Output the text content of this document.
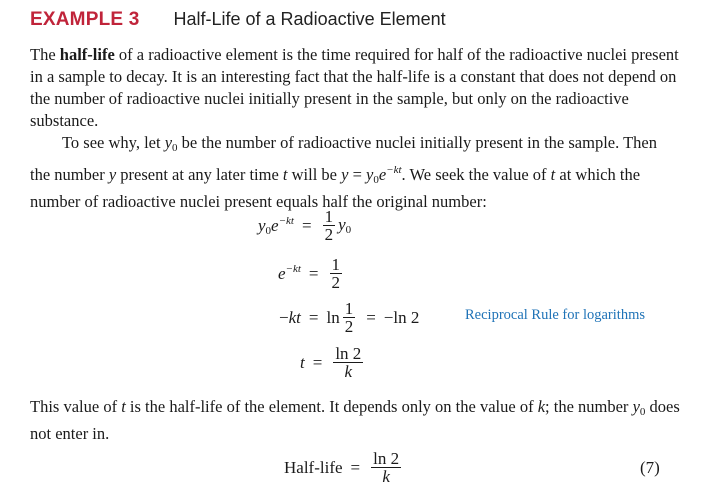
EXAMPLE 3 Half-Life of a Radioactive Element
The half-life of a radioactive element is the time required for half of the radioactive nuclei present in a sample to decay. It is an interesting fact that the half-life is a constant that does not depend on the number of radioactive nuclei initially present in the sample, but only on the radioactive substance.
To see why, let $y_0$ be the number of radioactive nuclei initially present in the sample. Then the number y present at any later time t will be $y = y_0e^{-kt}$. We seek the value of t at which the number of radioactive nuclei present equals half the original number:
$y_0e^{-kt} = \frac{1}{2} y_0$
$e^{-kt} = \frac{1}{2}$
$-kt = \ln \frac{1}{2} = -\ln$ 2	Reciprocal Rule for logarithms
$t = \frac{\ln 2}{k}$
This value of t is the half-life of the element. It depends only on the value of k; the number $y_0$ does not enter in.
Half-life = $\frac{\ln 2}{k}$	(7)
